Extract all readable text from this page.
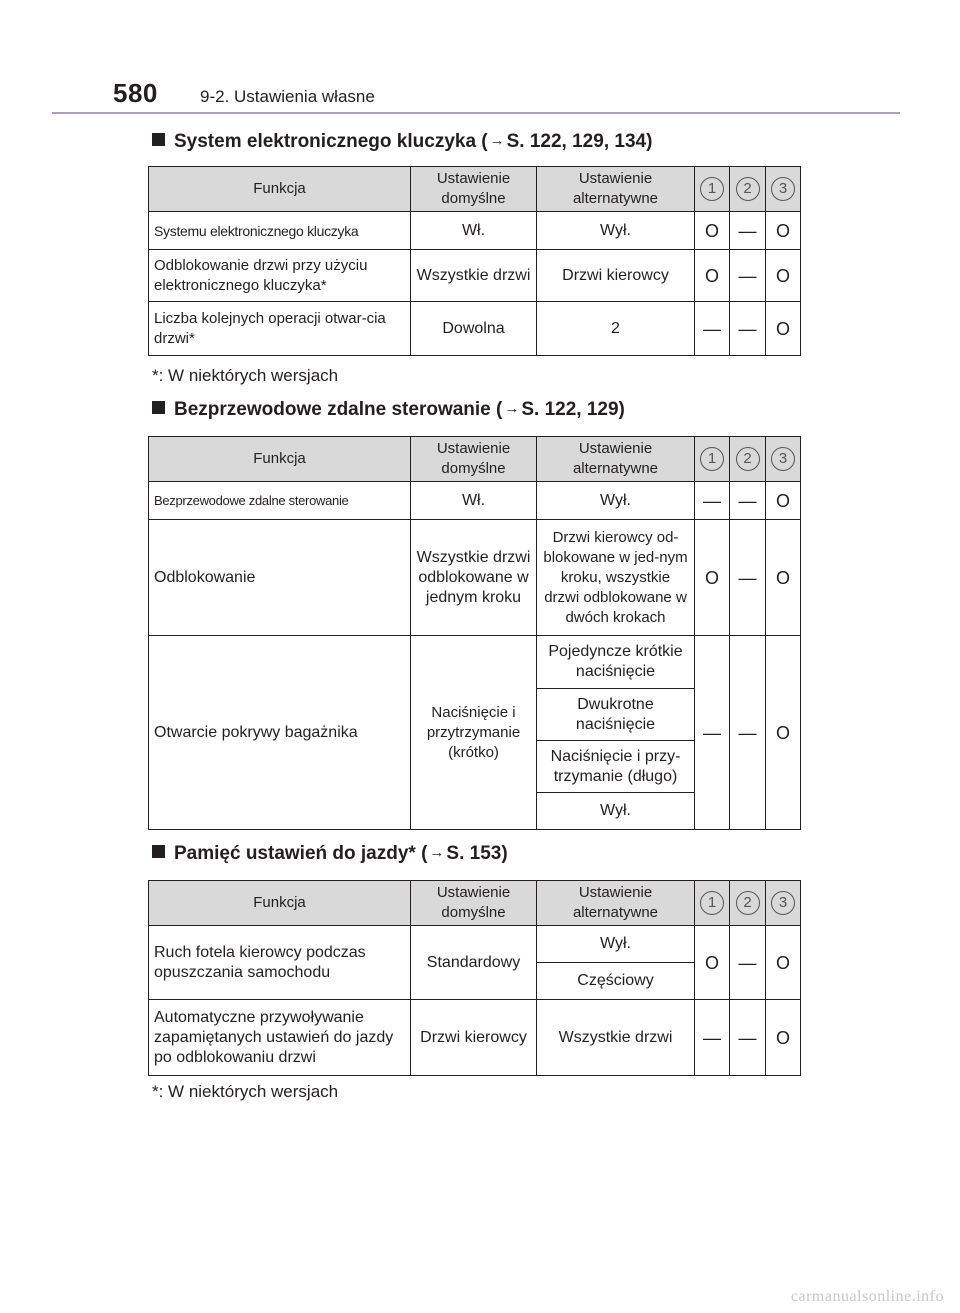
580 9-2. Ustawienia własne
System elektronicznego kluczyka ( → S. 122, 129, 134)
Funkcja	Ustawienie domyślne	Ustawienie alternatywne	1	2	3
Systemu elektronicznego kluczyka	Wł.	Wył.	O	—	O
Odblokowanie drzwi przy użyciu elektronicznego kluczyka*	Wszystkie drzwi	Drzwi kierowcy	O	—	O
Liczba kolejnych operacji otwar-cia drzwi*	Dowolna	2	—	—	O
*: W niektórych wersjach
Bezprzewodowe zdalne sterowanie ( → S. 122, 129)
Funkcja	Ustawienie domyślne	Ustawienie alternatywne	1	2	3
Bezprzewodowe zdalne sterowanie	Wł.	Wył.	—	—	O
Odblokowanie	Wszystkie drzwi odblokowane w jednym kroku	Drzwi kierowcy od-blokowane w jed-nym kroku, wszystkie drzwi odblokowane w dwóch krokach	O	—	O
Otwarcie pokrywy bagażnika	Naciśnięcie i przytrzymanie (krótko)	Pojedyncze krótkie naciśnięcie	—	—	O
		Dwukrotne naciśnięcie			
		Naciśnięcie i przy-trzymanie (długo)			
		Wył.			
Pamięć ustawień do jazdy* ( → S. 153)
Funkcja	Ustawienie domyślne	Ustawienie alternatywne	1	2	3
Ruch fotela kierowcy podczas opuszczania samochodu	Standardowy	Wył.	O	—	O
		Częściowy			
Automatyczne przywoływanie zapamiętanych ustawień do jazdy po odblokowaniu drzwi	Drzwi kierowcy	Wszystkie drzwi	—	—	O
*: W niektórych wersjach
carmanualsonline.info
